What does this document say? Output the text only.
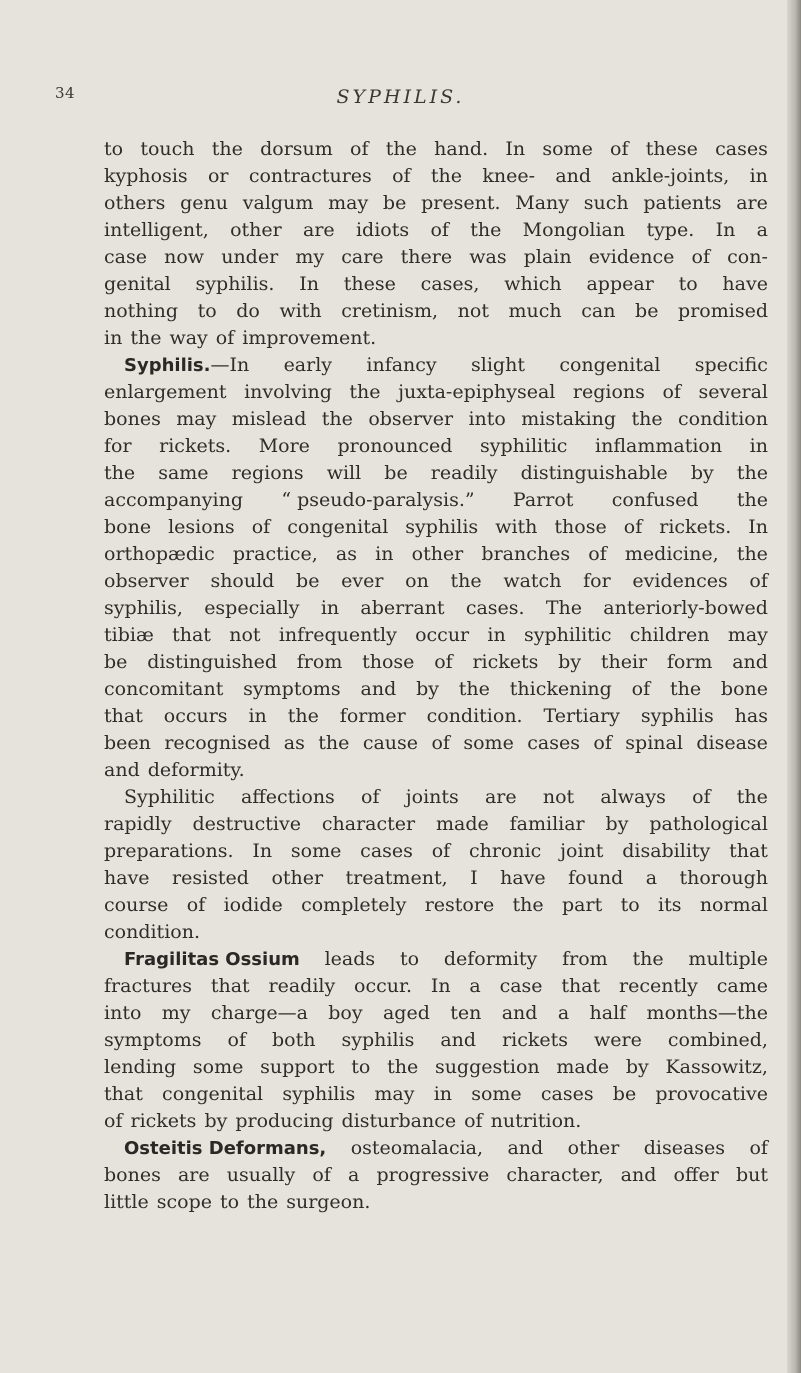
34	SYPHILIS.
to touch the dorsum of the hand. In some of these cases
kyphosis or contractures of the knee- and ankle-joints, in
others genu valgum may be present. Many such patients are
intelligent, other are idiots of the Mongolian type. In a
case now under my care there was plain evidence of con-
genital syphilis. In these cases, which appear to have
nothing to do with cretinism, not much can be promised
in the way of improvement.
Syphilis.—In early infancy slight congenital specific
enlargement involving the juxta-epiphyseal regions of several
bones may mislead the observer into mistaking the condition
for rickets. More pronounced syphilitic inflammation in
the same regions will be readily distinguishable by the
accompanying “ pseudo-paralysis.” Parrot confused the
bone lesions of congenital syphilis with those of rickets. In
orthopædic practice, as in other branches of medicine, the
observer should be ever on the watch for evidences of
syphilis, especially in aberrant cases. The anteriorly-bowed
tibiæ that not infrequently occur in syphilitic children may
be distinguished from those of rickets by their form and
concomitant symptoms and by the thickening of the bone
that occurs in the former condition. Tertiary syphilis has
been recognised as the cause of some cases of spinal disease
and deformity.
Syphilitic affections of joints are not always of the
rapidly destructive character made familiar by pathological
preparations. In some cases of chronic joint disability that
have resisted other treatment, I have found a thorough
course of iodide completely restore the part to its normal
condition.
Fragilitas Ossium leads to deformity from the multiple
fractures that readily occur. In a case that recently came
into my charge—a boy aged ten and a half months—the
symptoms of both syphilis and rickets were combined,
lending some support to the suggestion made by Kassowitz,
that congenital syphilis may in some cases be provocative
of rickets by producing disturbance of nutrition.
Osteitis Deformans, osteomalacia, and other diseases of
bones are usually of a progressive character, and offer but
little scope to the surgeon.
